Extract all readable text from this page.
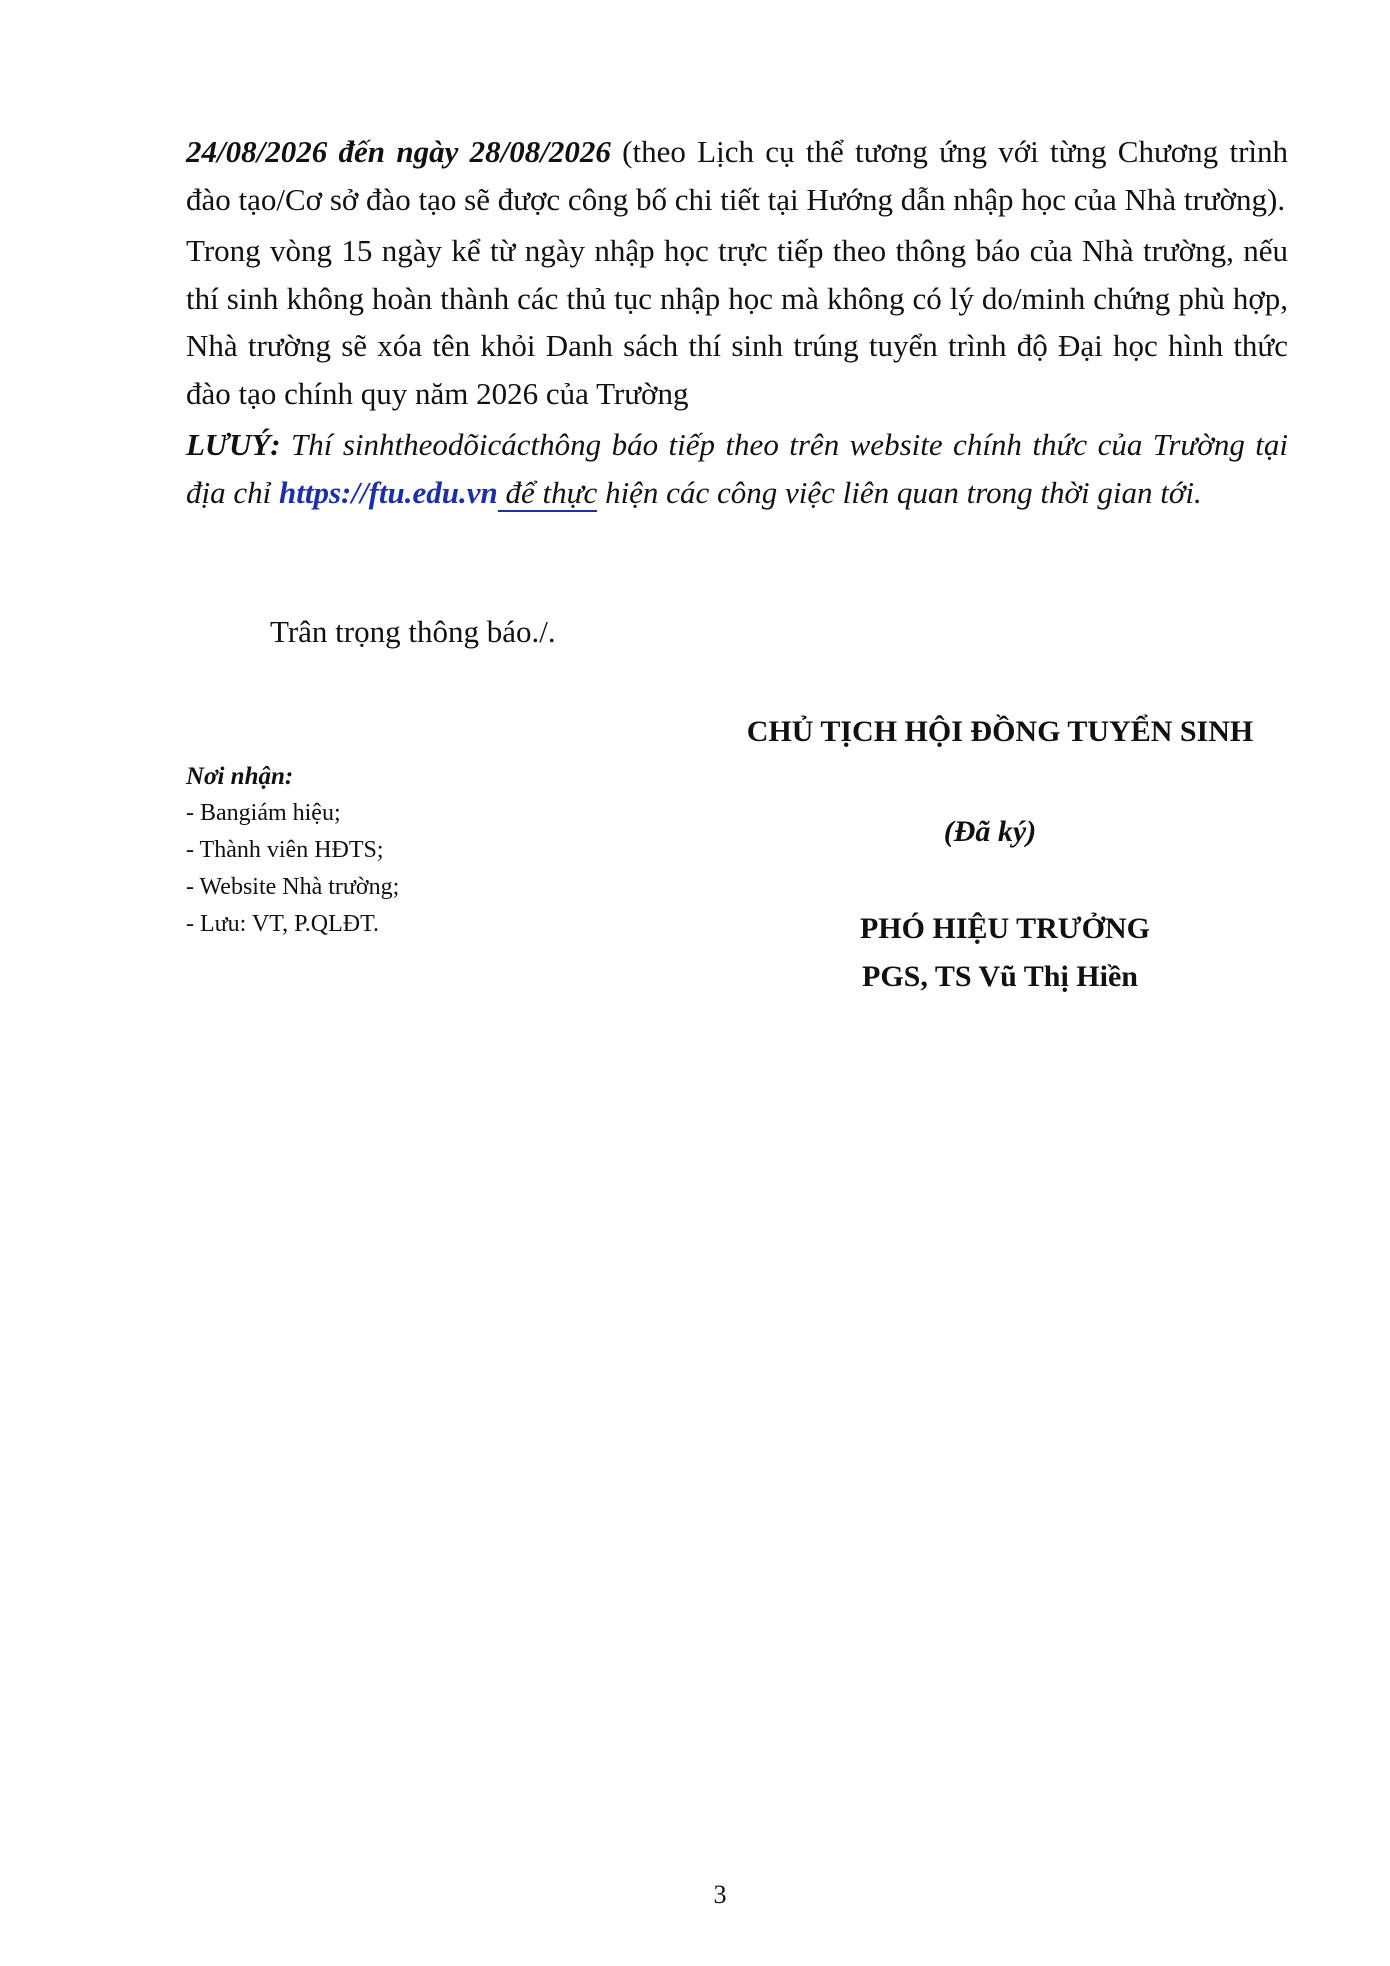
24/08/2026 đến ngày 28/08/2026 (theo Lịch cụ thể tương ứng với từng Chương trình đào tạo/Cơ sở đào tạo sẽ được công bố chi tiết tại Hướng dẫn nhập học của Nhà trường).

Trong vòng 15 ngày kể từ ngày nhập học trực tiếp theo thông báo của Nhà trường, nếu thí sinh không hoàn thành các thủ tục nhập học mà không có lý do/minh chứng phù hợp, Nhà trường sẽ xóa tên khỏi Danh sách thí sinh trúng tuyển trình độ Đại học hình thức đào tạo chính quy năm 2026 của Trường

LƯUÝ: Thí sinhtheodõicácthông báo tiếp theo trên website chính thức của Trường tại địa chỉ https://ftu.edu.vn để thực hiện các công việc liên quan trong thời gian tới.

Trân trọng thông báo./.
Nơi nhận:
- Bangiám hiệu;
- Thành viên HĐTS;
- Website Nhà trường;
- Lưu: VT, P.QLĐT.
CHỦ TỊCH HỘI ĐỒNG TUYỂN SINH
(Đã ký)
PHÓ HIỆU TRƯỞNG
PGS, TS Vũ Thị Hiền
3
